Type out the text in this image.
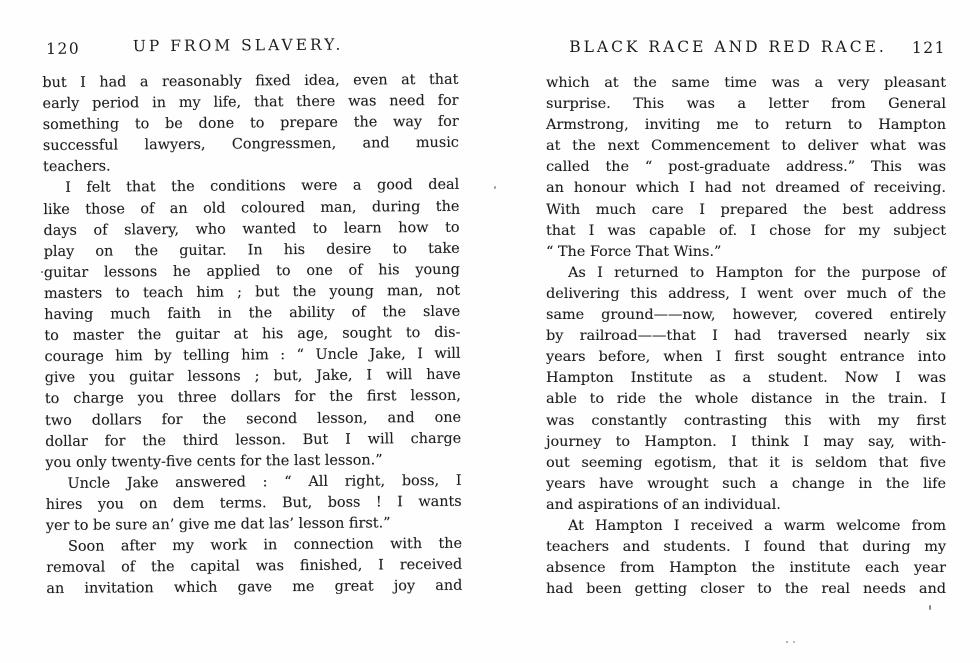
120	UP FROM SLAVERY.
but I had a reasonably fixed idea, even at that
early period in my life, that there was need for
something to be done to prepare the way for
successful lawyers, Congressmen, and music
teachers.
I felt that the conditions were a good deal
like those of an old coloured man, during the
days of slavery, who wanted to learn how to
play on the guitar. In his desire to take
guitar lessons he applied to one of his young
masters to teach him ; but the young man, not
having much faith in the ability of the slave
to master the guitar at his age, sought to dis-
courage him by telling him : “ Uncle Jake, I will
give you guitar lessons ; but, Jake, I will have
to charge you three dollars for the first lesson,
two dollars for the second lesson, and one
dollar for the third lesson. But I will charge
you only twenty-five cents for the last lesson.”
Uncle Jake answered : “ All right, boss, I
hires you on dem terms. But, boss ! I wants
yer to be sure an’ give me dat las’ lesson first.”
Soon after my work in connection with the
removal of the capital was finished, I received
an invitation which gave me great joy and
BLACK RACE AND RED RACE.	121
which at the same time was a very pleasant
surprise. This was a letter from General
Armstrong, inviting me to return to Hampton
at the next Commencement to deliver what was
called the “ post-graduate address.” This was
an honour which I had not dreamed of receiving.
With much care I prepared the best address
that I was capable of. I chose for my subject
“ The Force That Wins.”
As I returned to Hampton for the purpose of
delivering this address, I went over much of the
same ground——now, however, covered entirely
by railroad——that I had traversed nearly six
years before, when I first sought entrance into
Hampton Institute as a student. Now I was
able to ride the whole distance in the train. I
was constantly contrasting this with my first
journey to Hampton. I think I may say, with-
out seeming egotism, that it is seldom that five
years have wrought such a change in the life
and aspirations of an individual.
At Hampton I received a warm welcome from
teachers and students. I found that during my
absence from Hampton the institute each year
had been getting closer to the real needs and
